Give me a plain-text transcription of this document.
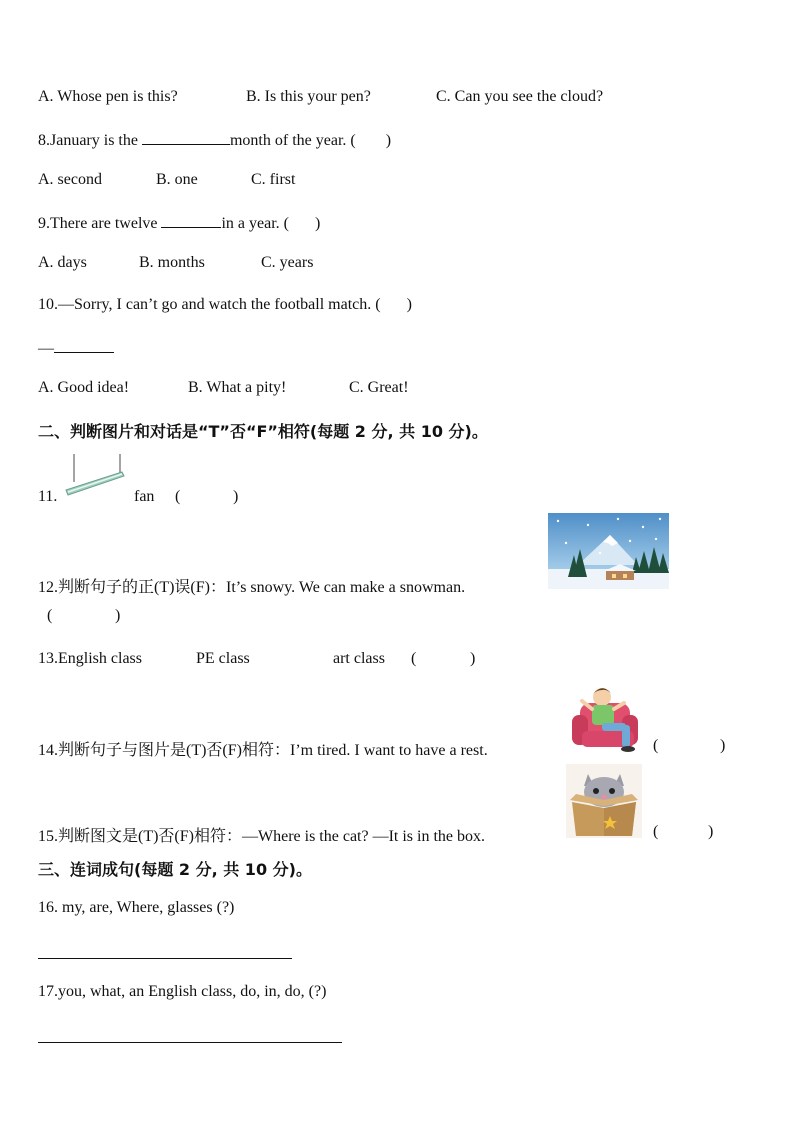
A. Whose pen is this?	B. Is this your pen?	C. Can you see the cloud?
8.January is the	month of the year. ( )
A. second	B. one	C. first
9.There are twelve	in a year. ( )
A. days	B. months	C. years
10.—Sorry, I can’t go and watch the football match. ( )
—
A. Good idea!	B. What a pity!	C. Great!
二、判断图片和对话是“T”否“F”相符(每题 2 分, 共 10 分)。
11.	fan (	)
12.判断句子的正(T)误(F)：It’s snowy. We can make a snowman.
(	)
13.English class	PE class	art class (	)
14.判断句子与图片是(T)否(F)相符：I’m tired. I want to have a rest.	(	)
15.判断图文是(T)否(F)相符：—Where is the cat? —It is in the box.	(	)
三、连词成句(每题 2 分, 共 10 分)。
16. my, are, Where, glasses (?)
17.you, what, an English class, do, in, do, (?)
